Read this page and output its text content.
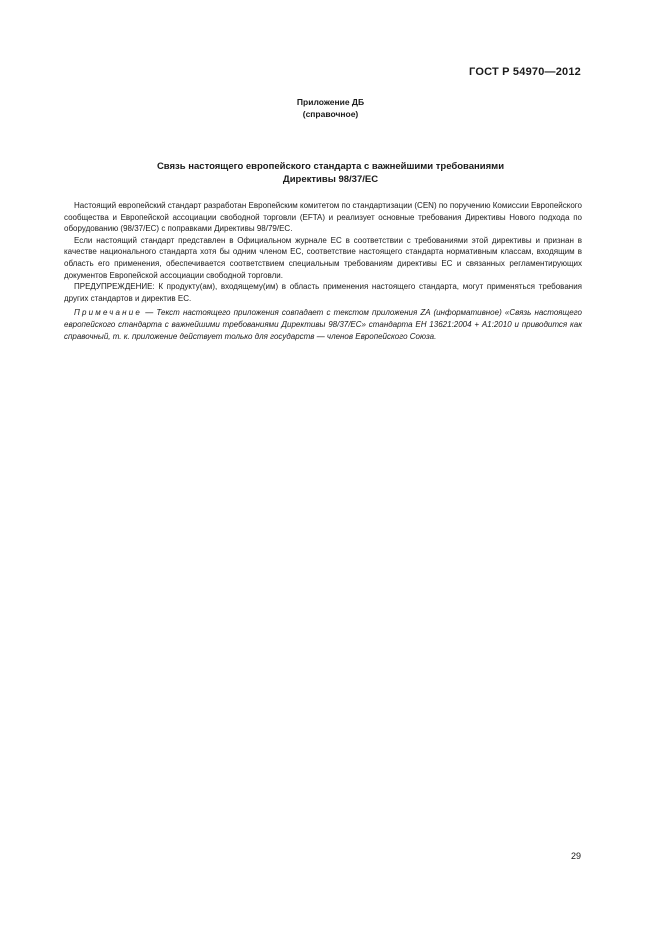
ГОСТ Р 54970—2012
Приложение ДБ
(справочное)
Связь настоящего европейского стандарта с важнейшими требованиями
Директивы 98/37/ЕС

Настоящий европейский стандарт разработан Европейским комитетом по стандартизации (CEN) по поручению Комиссии Европейского сообщества и Европейской ассоциации свободной торговли (EFTA) и реализует основные требования Директивы Нового подхода по оборудованию (98/37/ЕС) с поправками Директивы 98/79/ЕС.

Если настоящий стандарт представлен в Официальном журнале ЕС в соответствии с требованиями этой директивы и признан в качестве национального стандарта хотя бы одним членом ЕС, соответствие настоящего стандарта нормативным классам, входящим в область его применения, обеспечивается соответствием специальным требованиям директивы ЕС и связанных регламентирующих документов Европейской ассоциации свободной торговли.

ПРЕДУПРЕЖДЕНИЕ: К продукту(ам), входящему(им) в область применения настоящего стандарта, могут применяться требования других стандартов и директив ЕС.

Примечание — Текст настоящего приложения совпадает с текстом приложения ZA (информативное) «Связь настоящего европейского стандарта с важнейшими требованиями Директивы 98/37/ЕС» стандарта ЕН 13621:2004 + A1:2010 и приводится как справочный, т. к. приложение действует только для государств — членов Европейского Союза.

29
